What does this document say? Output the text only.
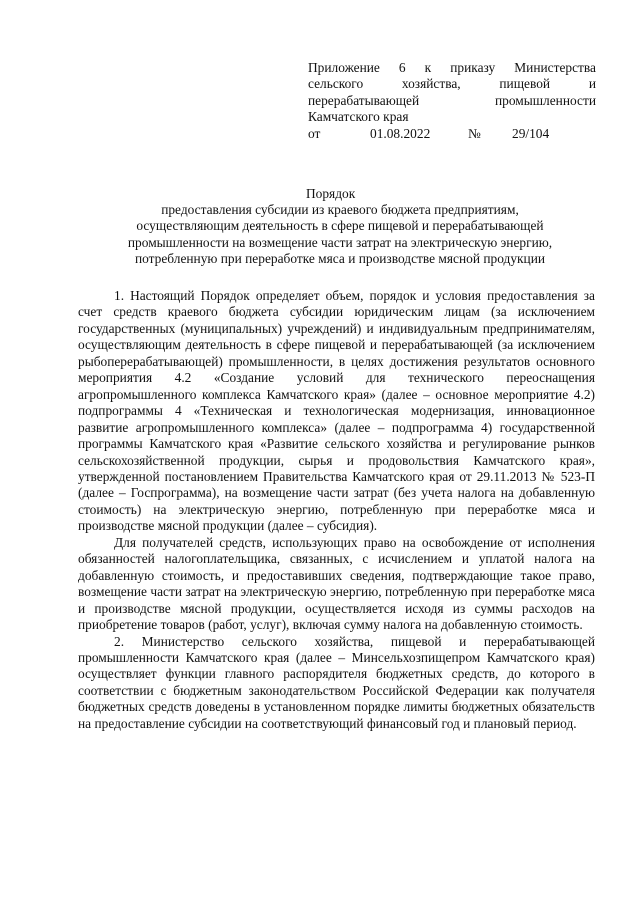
Приложение 6 к приказу Министерства
сельского хозяйства, пищевой и
перерабатывающей промышленности
Камчатского края
от	01.08.2022	№	29/104
Порядок
предоставления субсидии из краевого бюджета предприятиям,
осуществляющим деятельность в сфере пищевой и перерабатывающей
промышленности на возмещение части затрат на электрическую энергию,
потребленную при переработке мяса и производстве мясной продукции

1. Настоящий Порядок определяет объем, порядок и условия предоставления за счет средств краевого бюджета субсидии юридическим лицам (за исключением государственных (муниципальных) учреждений) и индивидуальным предпринимателям, осуществляющим деятельность в сфере пищевой и перерабатывающей (за исключением рыбоперерабатывающей) промышленности, в целях достижения результатов основного мероприятия 4.2 «Создание условий для технического переоснащения агропромышленного комплекса Камчатского края» (далее – основное мероприятие 4.2) подпрограммы 4 «Техническая и технологическая модернизация, инновационное развитие агропромышленного комплекса» (далее – подпрограмма 4) государственной программы Камчатского края «Развитие сельского хозяйства и регулирование рынков сельскохозяйственной продукции, сырья и продовольствия Камчатского края», утвержденной постановлением Правительства Камчатского края от 29.11.2013 № 523-П (далее – Госпрограмма), на возмещение части затрат (без учета налога на добавленную стоимость) на электрическую энергию, потребленную при переработке мяса и производстве мясной продукции (далее – субсидия).

Для получателей средств, использующих право на освобождение от исполнения обязанностей налогоплательщика, связанных, с исчислением и уплатой налога на добавленную стоимость, и предоставивших сведения, подтверждающие такое право, возмещение части затрат на электрическую энергию, потребленную при переработке мяса и производстве мясной продукции, осуществляется исходя из суммы расходов на приобретение товаров (работ, услуг), включая сумму налога на добавленную стоимость.

2. Министерство сельского хозяйства, пищевой и перерабатывающей промышленности Камчатского края (далее – Минсельхозпищепром Камчатского края) осуществляет функции главного распорядителя бюджетных средств, до которого в соответствии с бюджетным законодательством Российской Федерации как получателя бюджетных средств доведены в установленном порядке лимиты бюджетных обязательств на предоставление субсидии на соответствующий финансовый год и плановый период.
